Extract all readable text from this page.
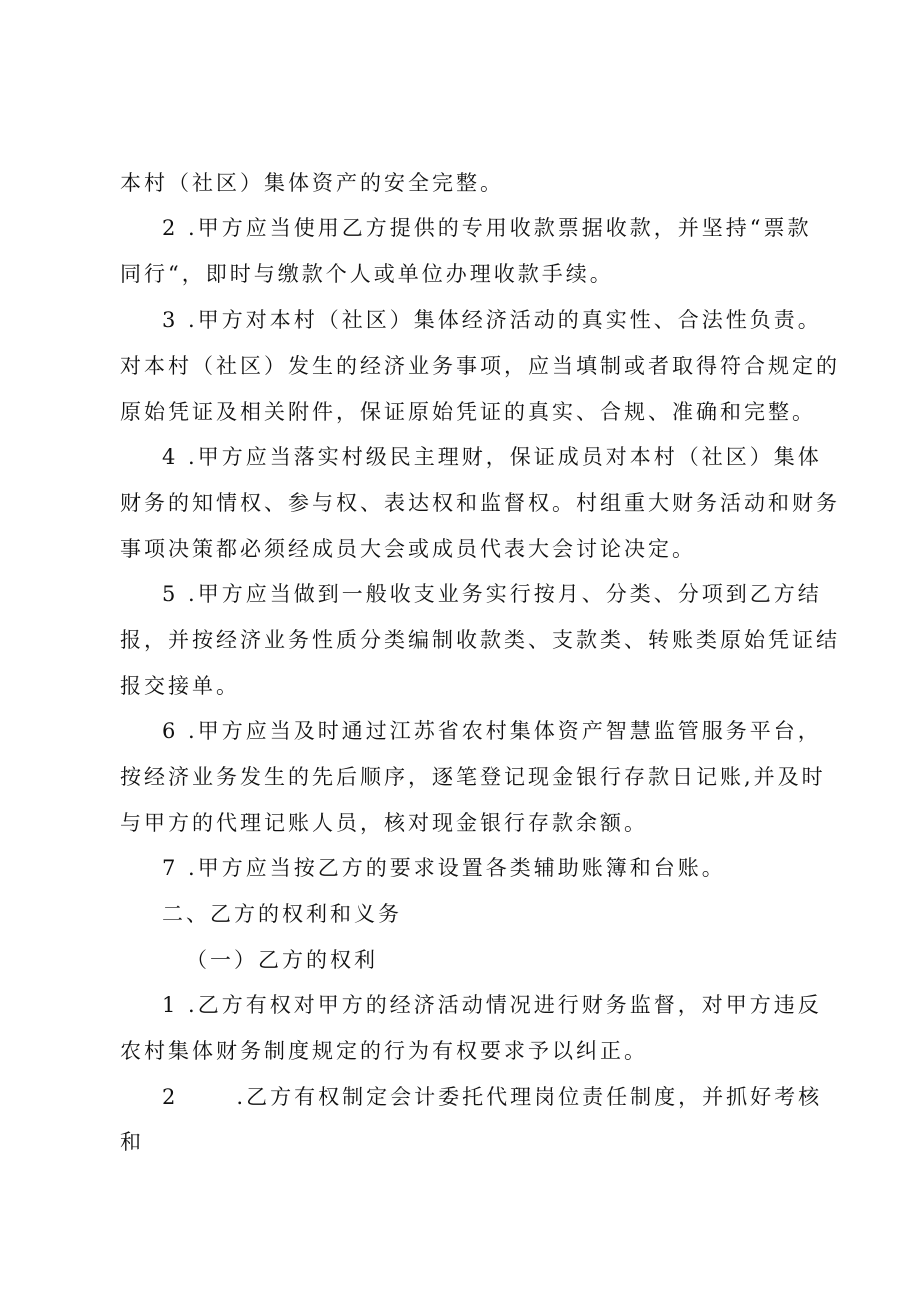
本村（社区）集体资产的安全完整。
2 .甲方应当使用乙方提供的专用收款票据收款，并坚持“票款
同行“，即时与缴款个人或单位办理收款手续。
3 .甲方对本村（社区）集体经济活动的真实性、合法性负责。
对本村（社区）发生的经济业务事项，应当填制或者取得符合规定的
原始凭证及相关附件，保证原始凭证的真实、合规、准确和完整。
4 .甲方应当落实村级民主理财，保证成员对本村（社区）集体
财务的知情权、参与权、表达权和监督权。村组重大财务活动和财务
事项决策都必须经成员大会或成员代表大会讨论决定。
5 .甲方应当做到一般收支业务实行按月、分类、分项到乙方结
报，并按经济业务性质分类编制收款类、支款类、转账类原始凭证结
报交接单。
6 .甲方应当及时通过江苏省农村集体资产智慧监管服务平台，
按经济业务发生的先后顺序，逐笔登记现金银行存款日记账,并及时
与甲方的代理记账人员，核对现金银行存款余额。
7 .甲方应当按乙方的要求设置各类辅助账簿和台账。
二、乙方的权利和义务
（一）乙方的权利
1 .乙方有权对甲方的经济活动情况进行财务监督，对甲方违反
农村集体财务制度规定的行为有权要求予以纠正。
2      .乙方有权制定会计委托代理岗位责任制度，并抓好考核
和
